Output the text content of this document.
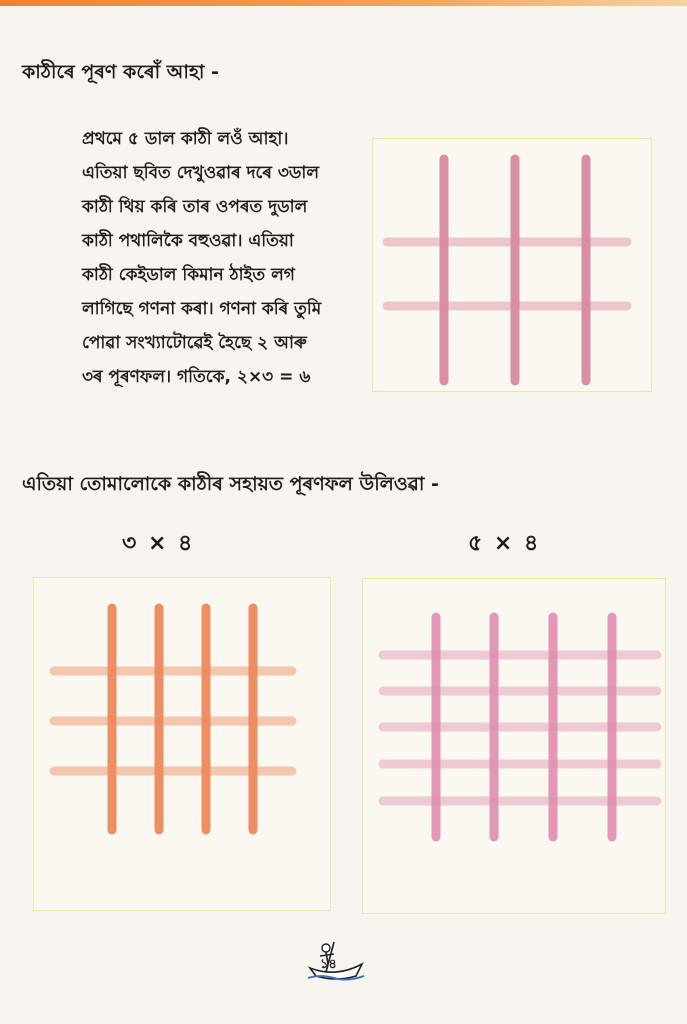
কাঠীৰে পূৰণ কৰোঁ আহা -
প্ৰথমে ৫ ডাল কাঠী লওঁ আহা।
এতিয়া ছবিত দেখুওৱাৰ দৰে ৩ডাল
কাঠী থিয় কৰি তাৰ ওপৰত দুডাল
কাঠী পথালিকৈ বহুওৱা। এতিয়া
কাঠী কেইডাল কিমান ঠাইত লগ
লাগিছে গণনা কৰা। গণনা কৰি তুমি
পোৱা সংখ্যাটোৱেই হৈছে ২ আৰু
৩ৰ পূৰণফল। গতিকে, ২×৩ = ৬
এতিয়া তোমালোকে কাঠীৰ সহায়ত পূৰণফল উলিওৱা -
৩ × ৪	৫ × ৪
১৪
